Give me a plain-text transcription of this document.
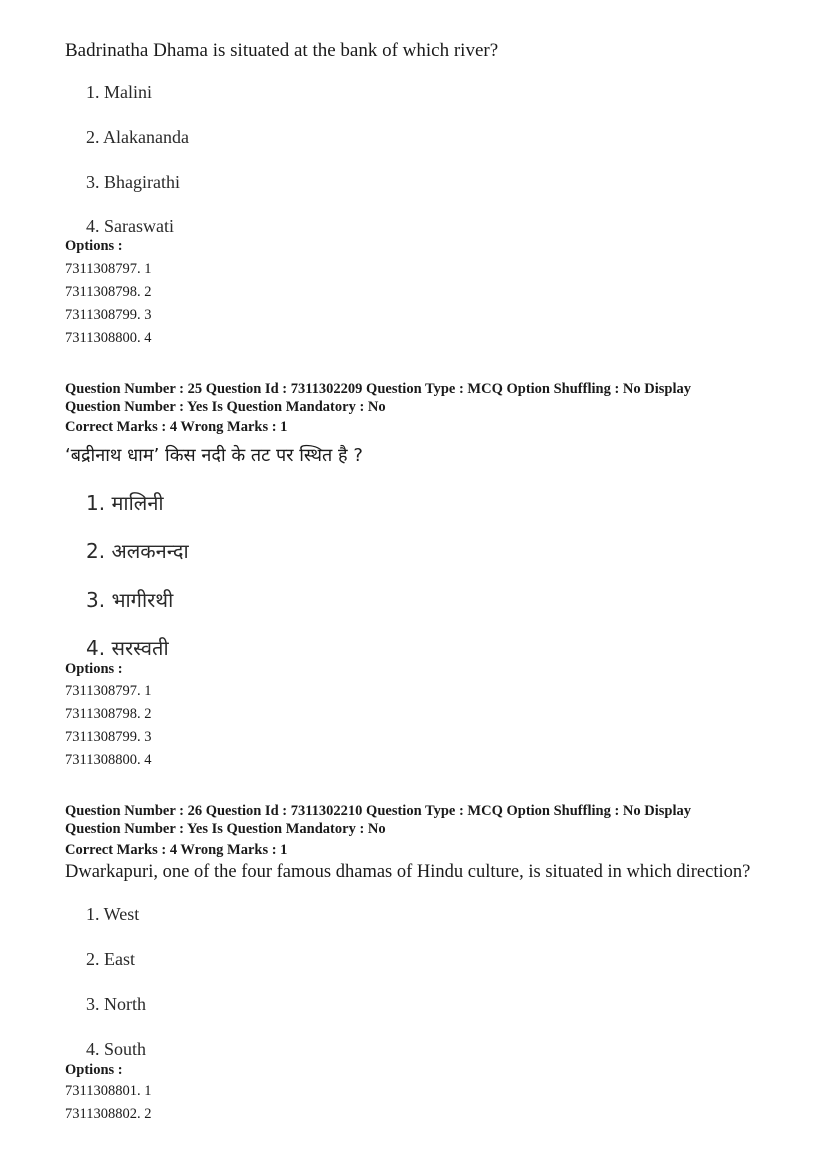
Badrinatha Dhama is situated at the bank of which river?
1. Malini
2. Alakananda
3. Bhagirathi
4. Saraswati
Options :
7311308797. 1
7311308798. 2
7311308799. 3
7311308800. 4
Question Number : 25 Question Id : 7311302209 Question Type : MCQ Option Shuffling : No Display
Question Number : Yes Is Question Mandatory : No
Correct Marks : 4 Wrong Marks : 1
‘बद्रीनाथ धाम’ किस नदी के तट पर स्थित है ?
1. मालिनी
2. अलकनन्दा
3. भागीरथी
4. सरस्वती
Options :
7311308797. 1
7311308798. 2
7311308799. 3
7311308800. 4
Question Number : 26 Question Id : 7311302210 Question Type : MCQ Option Shuffling : No Display
Question Number : Yes Is Question Mandatory : No
Correct Marks : 4 Wrong Marks : 1
Dwarkapuri, one of the four famous dhamas of Hindu culture, is situated in which direction?
1. West
2. East
3. North
4. South
Options :
7311308801. 1
7311308802. 2
